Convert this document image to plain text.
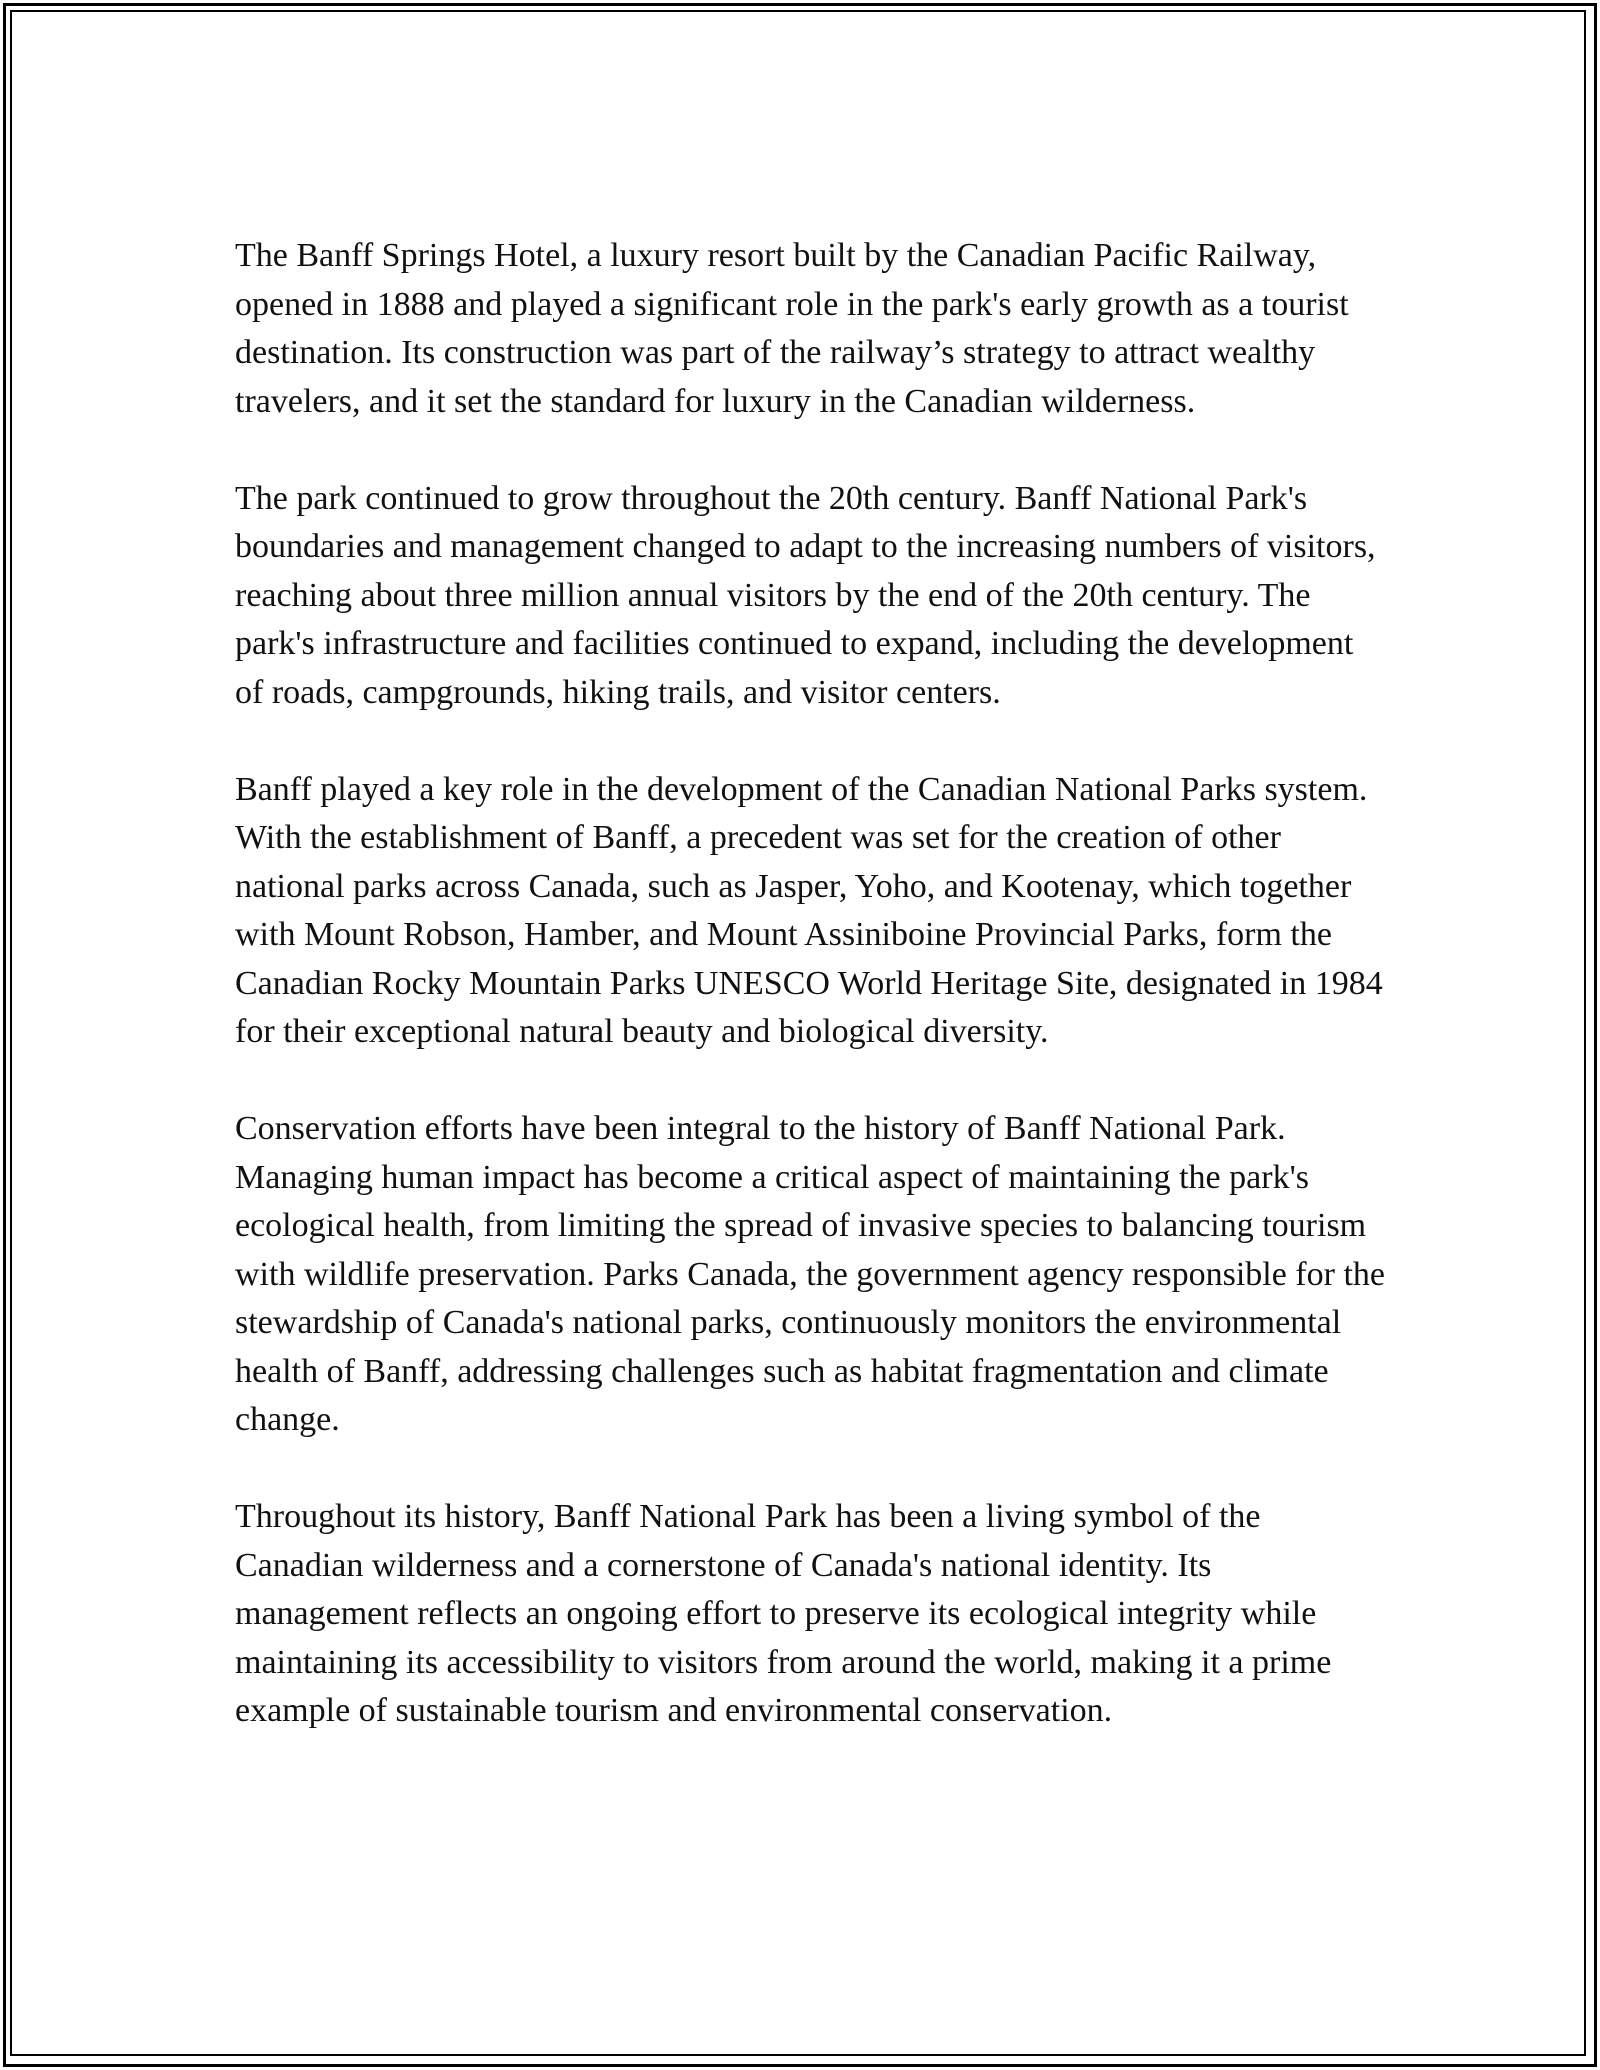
The Banff Springs Hotel, a luxury resort built by the Canadian Pacific Railway, opened in 1888 and played a significant role in the park's early growth as a tourist destination. Its construction was part of the railway’s strategy to attract wealthy travelers, and it set the standard for luxury in the Canadian wilderness.

The park continued to grow throughout the 20th century. Banff National Park's boundaries and management changed to adapt to the increasing numbers of visitors, reaching about three million annual visitors by the end of the 20th century. The park's infrastructure and facilities continued to expand, including the development of roads, campgrounds, hiking trails, and visitor centers.

Banff played a key role in the development of the Canadian National Parks system. With the establishment of Banff, a precedent was set for the creation of other national parks across Canada, such as Jasper, Yoho, and Kootenay, which together with Mount Robson, Hamber, and Mount Assiniboine Provincial Parks, form the Canadian Rocky Mountain Parks UNESCO World Heritage Site, designated in 1984 for their exceptional natural beauty and biological diversity.

Conservation efforts have been integral to the history of Banff National Park. Managing human impact has become a critical aspect of maintaining the park's ecological health, from limiting the spread of invasive species to balancing tourism with wildlife preservation. Parks Canada, the government agency responsible for the stewardship of Canada's national parks, continuously monitors the environmental health of Banff, addressing challenges such as habitat fragmentation and climate change.

Throughout its history, Banff National Park has been a living symbol of the Canadian wilderness and a cornerstone of Canada's national identity. Its management reflects an ongoing effort to preserve its ecological integrity while maintaining its accessibility to visitors from around the world, making it a prime example of sustainable tourism and environmental conservation.
